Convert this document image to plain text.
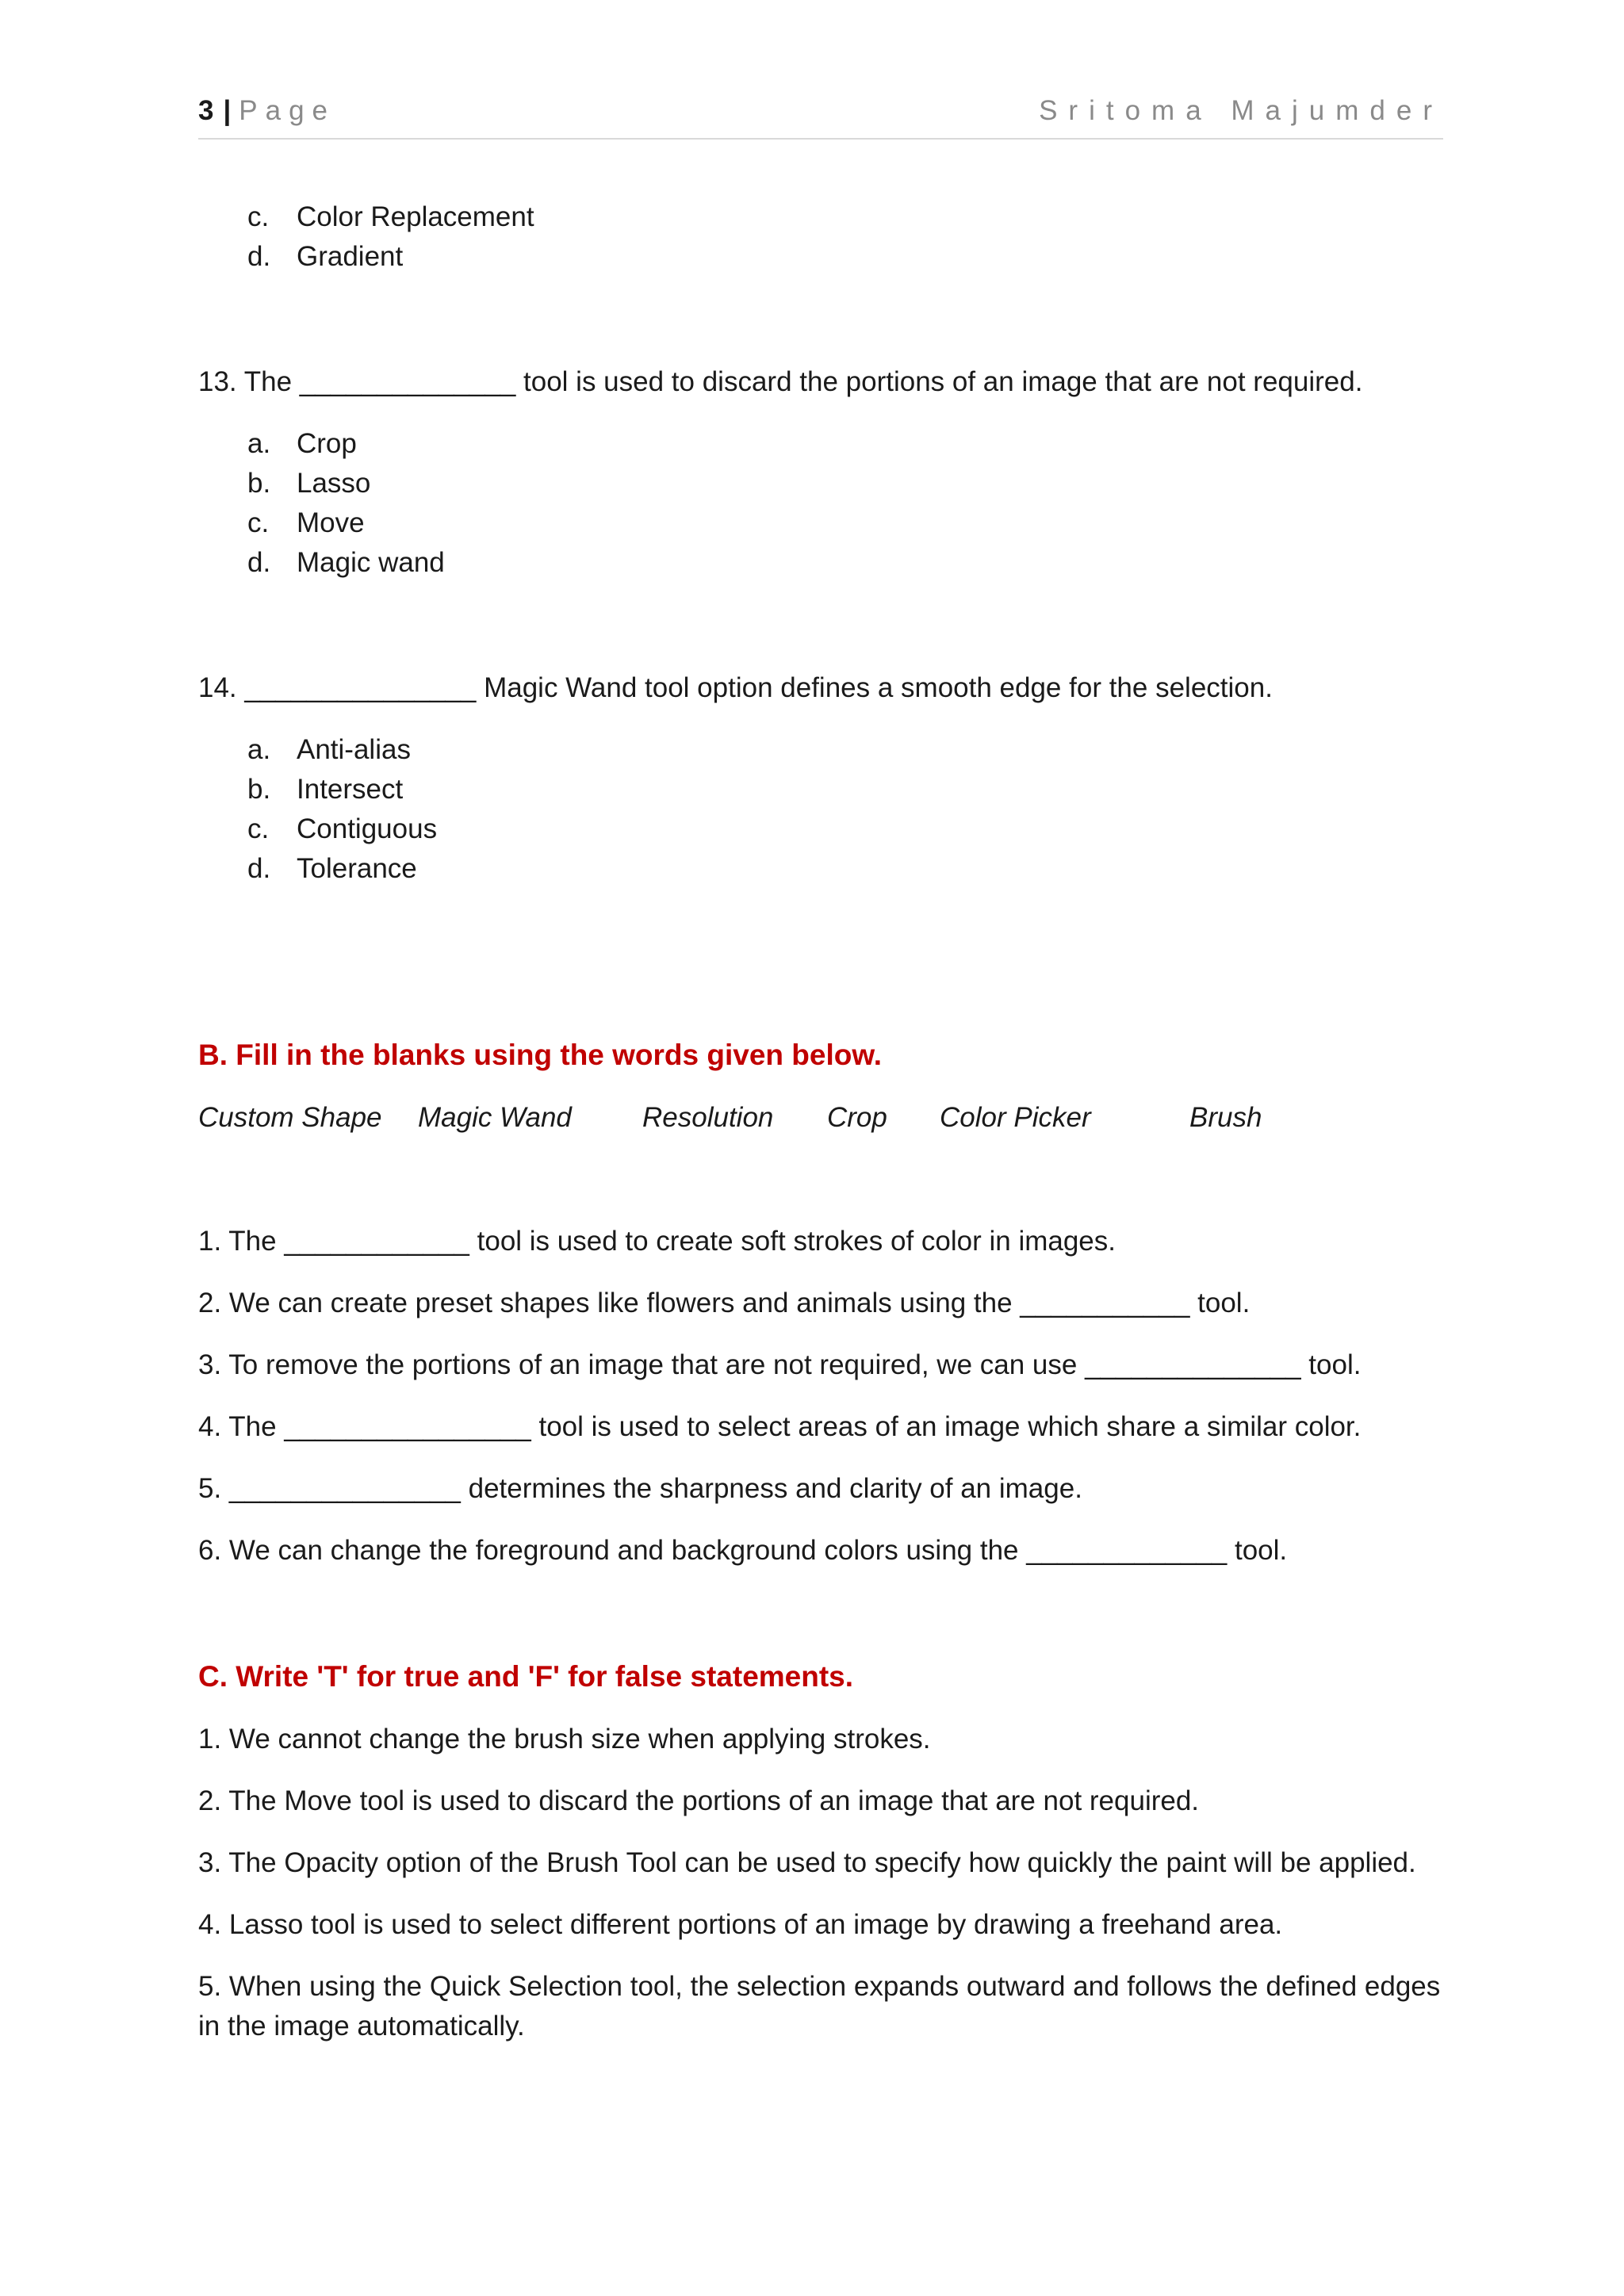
3 | Page	Sritoma Majumder
c. Color Replacement
d. Gradient
13. The ______________ tool is used to discard the portions of an image that are not required.
a. Crop
b. Lasso
c. Move
d. Magic wand
14. _______________ Magic Wand tool option defines a smooth edge for the selection.
a. Anti-alias
b. Intersect
c. Contiguous
d. Tolerance
B. Fill in the blanks using the words given below.
Custom Shape Magic Wand	Resolution Crop Color Picker	Brush
1. The ____________ tool is used to create soft strokes of color in images.
2. We can create preset shapes like flowers and animals using the ___________ tool.
3. To remove the portions of an image that are not required, we can use ______________ tool.
4. The ________________ tool is used to select areas of an image which share a similar color.
5. _______________ determines the sharpness and clarity of an image.
6. We can change the foreground and background colors using the _____________ tool.
C. Write 'T' for true and 'F' for false statements.
1. We cannot change the brush size when applying strokes.
2. The Move tool is used to discard the portions of an image that are not required.
3. The Opacity option of the Brush Tool can be used to specify how quickly the paint will be applied.
4. Lasso tool is used to select different portions of an image by drawing a freehand area.
5. When using the Quick Selection tool, the selection expands outward and follows the defined edges
in the image automatically.
